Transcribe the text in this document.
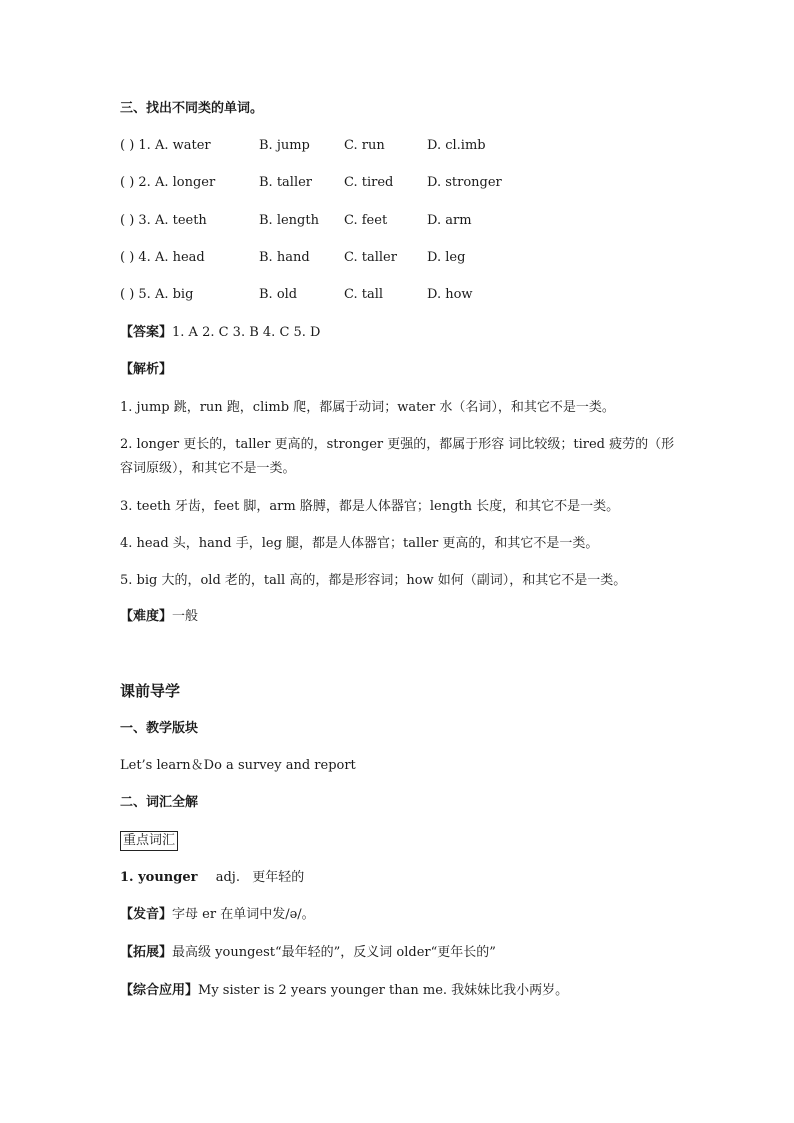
三、找出不同类的单词。
( ) 1. A. water	B. jump	C. run	D. cl.imb
( ) 2. A. longer	B. taller C. tired	D. stronger
( ) 3. A. teeth	B. length C. feet	D. arm
( ) 4. A. head	B. hand	C. taller D. leg
( ) 5. A. big	B. old	C. tall	D. how
【答案】1. A 2. C 3. B 4. C 5. D
【解析】
1. jump 跳，run 跑，climb 爬，都属于动词；water 水（名词），和其它不是一类。
2. longer 更长的，taller 更高的，stronger 更强的，都属于形容 词比较级；tired 疲劳的（形容词原级），和其它不是一类。
3. teeth 牙齿，feet 脚，arm 胳膊，都是人体器官；length 长度，和其它不是一类。
4. head 头，hand 手，leg 腿，都是人体器官；taller 更高的，和其它不是一类。
5. big 大的，old 老的，tall 高的，都是形容词；how 如何（副词），和其它不是一类。
【难度】一般
课前导学
一、教学版块
Let’s learn＆Do a survey and report
二、词汇全解
重点词汇
1. younger adj. 更年轻的
【发音】字母 er 在单词中发/ə/。
【拓展】最高级 youngest“最年轻的”，反义词 older“更年长的”
【综合应用】My sister is 2 years younger than me. 我妹妹比我小两岁。
